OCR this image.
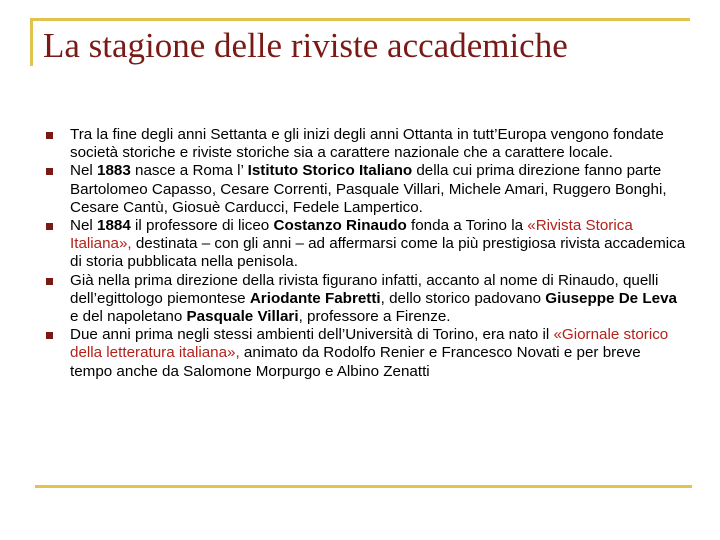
La stagione delle riviste accademiche
Tra la fine degli anni Settanta e gli inizi degli anni Ottanta in tutt’Europa vengono fondate società storiche e riviste storiche sia a carattere nazionale che a carattere locale.
Nel 1883 nasce a Roma l’ Istituto Storico Italiano della cui prima direzione fanno parte Bartolomeo Capasso, Cesare Correnti, Pasquale Villari, Michele Amari, Ruggero Bonghi, Cesare Cantù, Giosuè Carducci, Fedele Lampertico.
Nel 1884 il professore di liceo Costanzo Rinaudo fonda a Torino la «Rivista Storica Italiana», destinata – con gli anni – ad affermarsi come la più prestigiosa rivista accademica di storia pubblicata nella penisola.
Già nella prima direzione della rivista figurano infatti, accanto al nome di Rinaudo, quelli dell’egittologo piemontese Ariodante Fabretti, dello storico padovano Giuseppe De Leva e del napoletano Pasquale Villari, professore a Firenze.
Due anni prima negli stessi ambienti dell’Università di Torino, era nato il «Giornale storico della letteratura italiana», animato da Rodolfo Renier e Francesco Novati e per breve tempo anche da Salomone Morpurgo e Albino Zenatti
